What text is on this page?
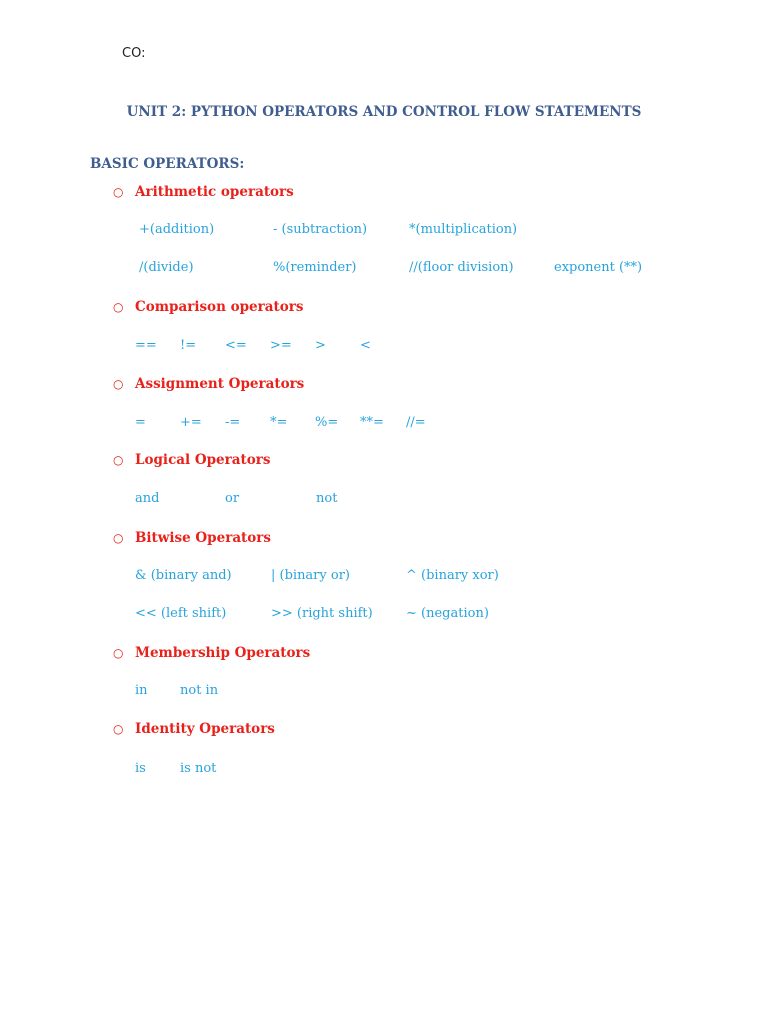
CO:
UNIT 2: PYTHON OPERATORS AND CONTROL FLOW STATEMENTS
BASIC OPERATORS:
○ Arithmetic operators
+(addition)	- (subtraction)	*(multiplication)
/(divide)	%(reminder)	//(floor division)	exponent (**)
○ Comparison operators
== != <= >= >	<
○ Assignment Operators
=	+= -= *= %= **= //=
○ Logical Operators
and	or	not
○ Bitwise Operators
& (binary and)	| (binary or)	^ (binary xor)
<< (left shift)	>> (right shift)	~ (negation)
○ Membership Operators
in not in
○ Identity Operators
is	is not
